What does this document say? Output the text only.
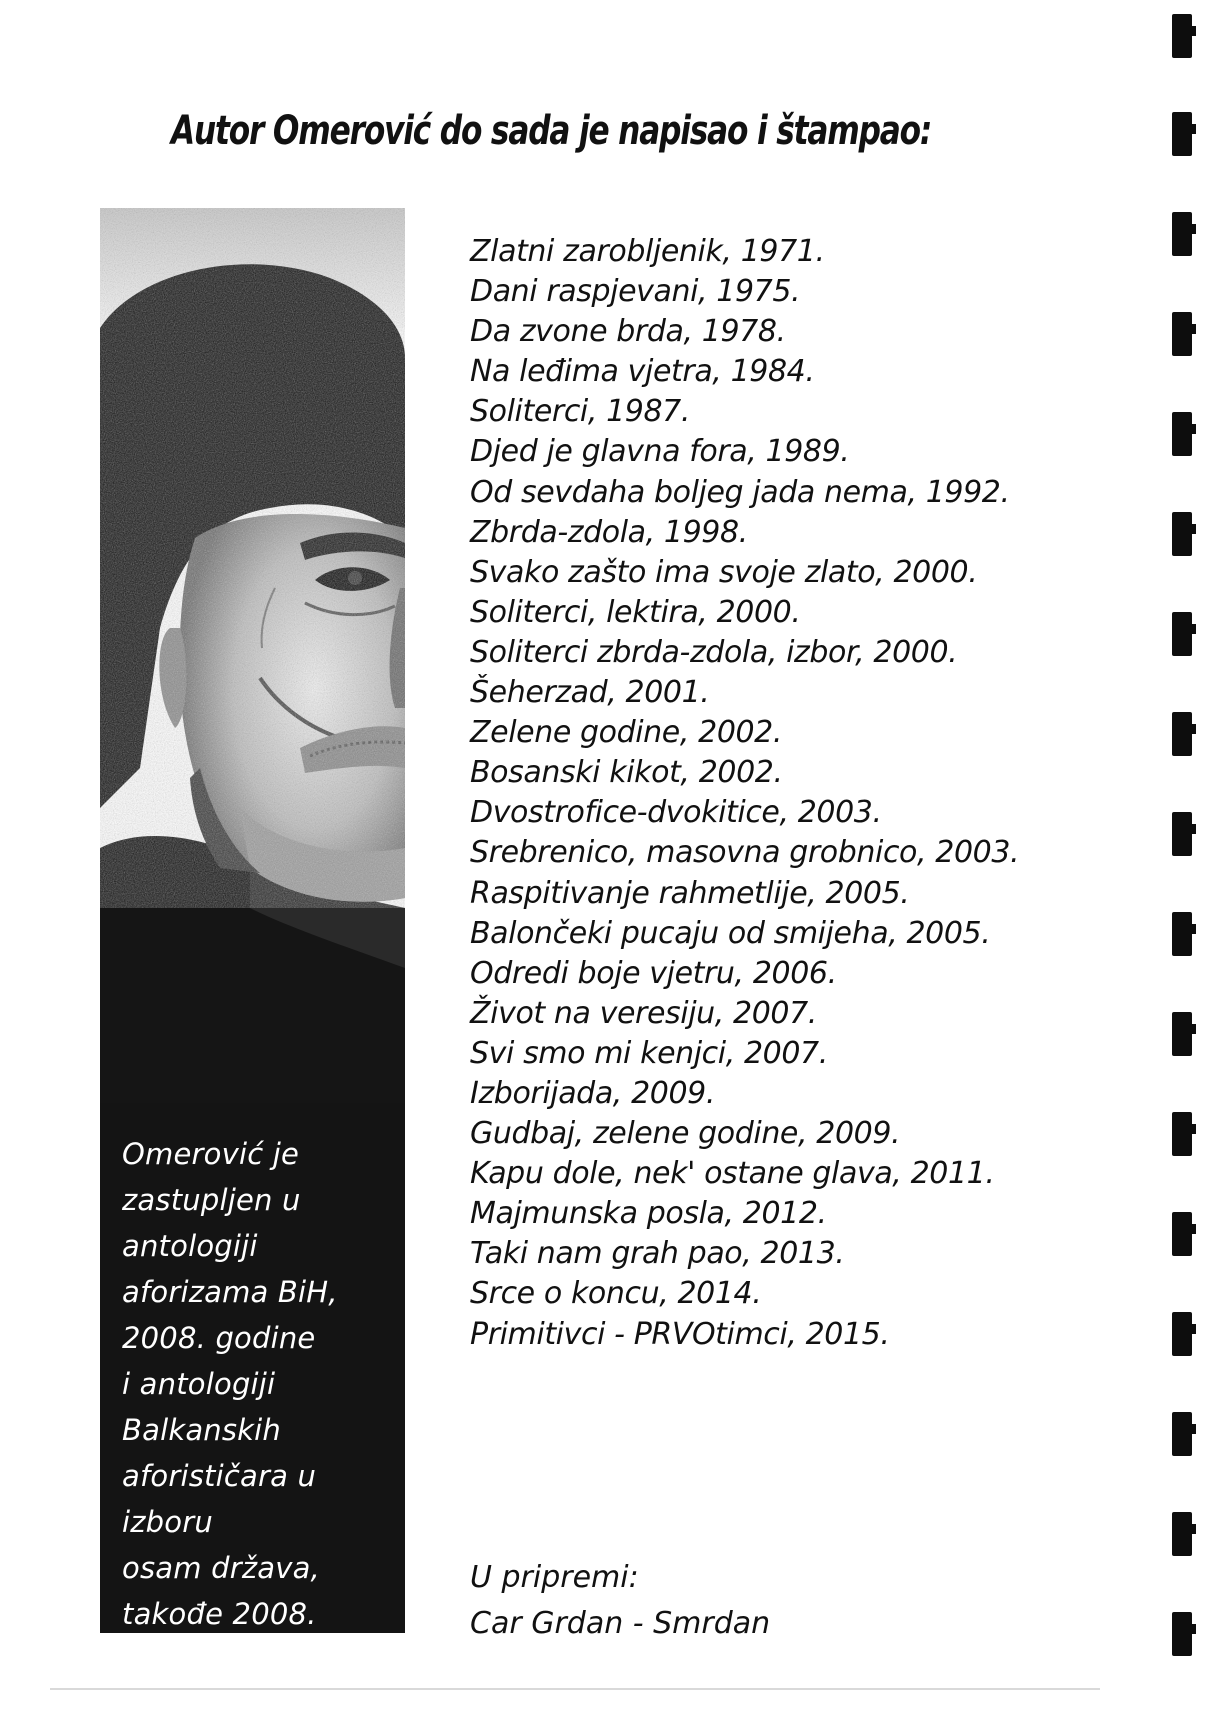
Autor Omerović do sada je napisao i štampao:
Omerović je
zastupljen u
antologiji
aforizama BiH,
2008. godine
i antologiji
Balkanskih
aforističara u
izboru
osam država,
takođe 2008.
Zlatni zarobljenik, 1971.
Dani raspjevani, 1975.
Da zvone brda, 1978.
Na leđima vjetra, 1984.
Soliterci, 1987.
Djed je glavna fora, 1989.
Od sevdaha boljeg jada nema, 1992.
Zbrda-zdola, 1998.
Svako zašto ima svoje zlato, 2000.
Soliterci, lektira, 2000.
Soliterci zbrda-zdola, izbor, 2000.
Šeherzad, 2001.
Zelene godine, 2002.
Bosanski kikot, 2002.
Dvostrofice-dvokitice, 2003.
Srebrenico, masovna grobnico, 2003.
Raspitivanje rahmetlije, 2005.
Balončeki pucaju od smijeha, 2005.
Odredi boje vjetru, 2006.
Život na veresiju, 2007.
Svi smo mi kenjci, 2007.
Izborijada, 2009.
Gudbaj, zelene godine, 2009.
Kapu dole, nek' ostane glava, 2011.
Majmunska posla, 2012.
Taki nam grah pao, 2013.
Srce o koncu, 2014.
Primitivci - PRVOtimci, 2015.
U pripremi:
Car Grdan - Smrdan
